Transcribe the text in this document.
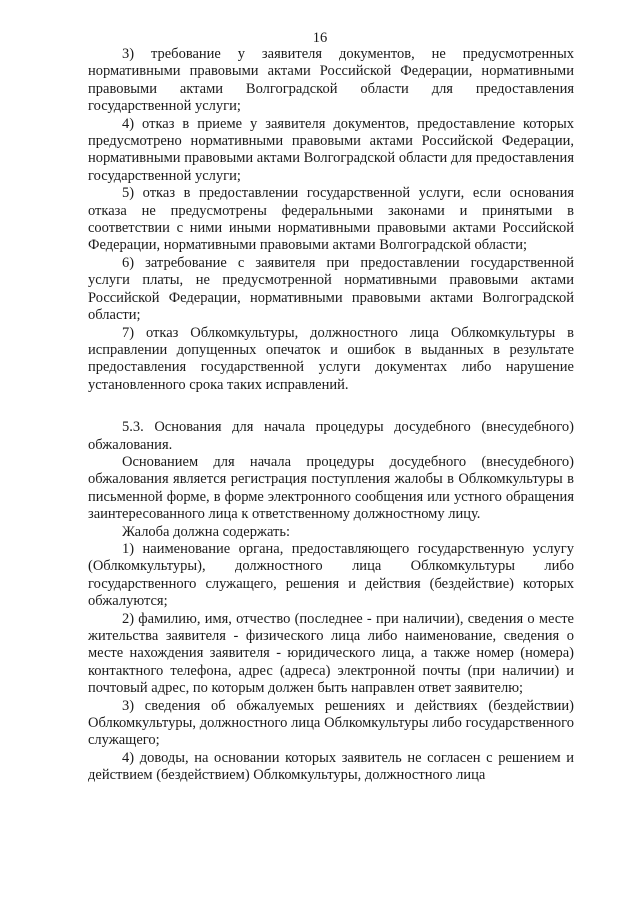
16

3) требование у заявителя документов, не предусмотренных нормативными правовыми актами Российской Федерации, нормативными правовыми актами Волгоградской области для предоставления государственной услуги;

4) отказ в приеме у заявителя документов, предоставление которых предусмотрено нормативными правовыми актами Российской Федерации, нормативными правовыми актами Волгоградской области для предоставления государственной услуги;

5) отказ в предоставлении государственной услуги, если основания отказа не предусмотрены федеральными законами и принятыми в соответствии с ними иными нормативными правовыми актами Российской Федерации, нормативными правовыми актами Волгоградской области;

6) затребование с заявителя при предоставлении государственной услуги платы, не предусмотренной нормативными правовыми актами Российской Федерации, нормативными правовыми актами Волгоградской области;

7) отказ Облкомкультуры, должностного лица Облкомкультуры в исправлении допущенных опечаток и ошибок в выданных в результате предоставления государственной услуги документах либо нарушение установленного срока таких исправлений.

5.3. Основания для начала процедуры досудебного (внесудебного) обжалования.

Основанием для начала процедуры досудебного (внесудебного) обжалования является регистрация поступления жалобы в Облкомкультуры в письменной форме, в форме электронного сообщения или устного обращения заинтересованного лица к ответственному должностному лицу.

Жалоба должна содержать:

1) наименование органа, предоставляющего государственную услугу (Облкомкультуры), должностного лица Облкомкультуры либо государственного служащего, решения и действия (бездействие) которых обжалуются;

2) фамилию, имя, отчество (последнее - при наличии), сведения о месте жительства заявителя - физического лица либо наименование, сведения о месте нахождения заявителя - юридического лица, а также номер (номера) контактного телефона, адрес (адреса) электронной почты (при наличии) и почтовый адрес, по которым должен быть направлен ответ заявителю;

3) сведения об обжалуемых решениях и действиях (бездействии) Облкомкультуры, должностного лица Облкомкультуры либо государственного служащего;

4) доводы, на основании которых заявитель не согласен с решением и действием (бездействием) Облкомкультуры, должностного лица
